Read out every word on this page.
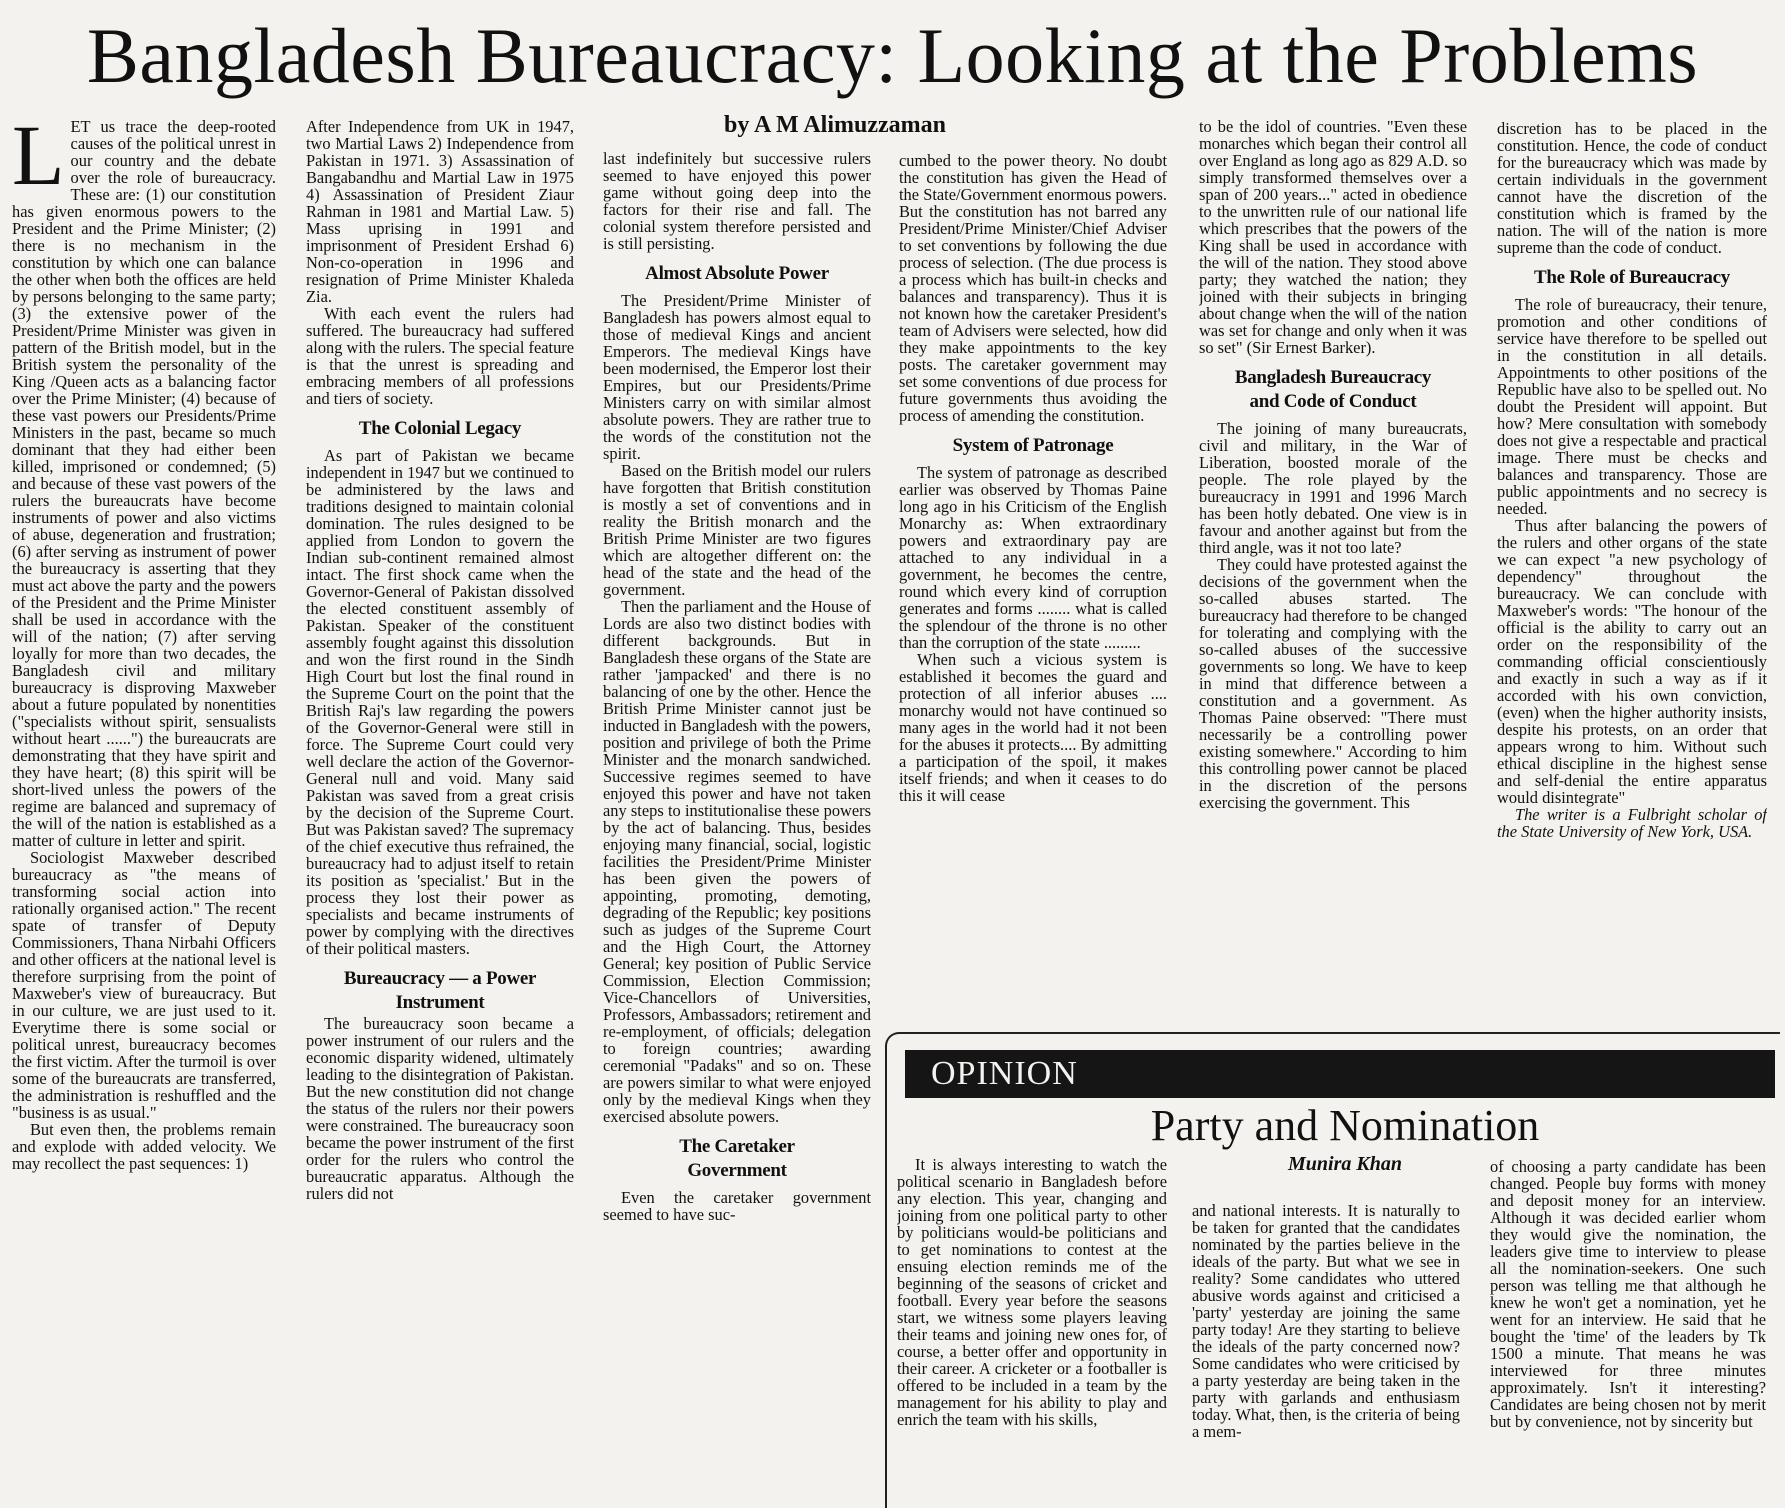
Bangladesh Bureaucracy: Looking at the Problems
by A M Alimuzzaman

LET us trace the deep-rooted causes of the political unrest in our country and the debate over the role of bureaucracy. These are: (1) our constitution has given enormous powers to the President and the Prime Minister; (2) there is no mechanism in the constitution by which one can balance the other when both the offices are held by persons belonging to the same party; (3) the extensive power of the President/Prime Minister was given in pattern of the British model, but in the British system the personality of the King /Queen acts as a balancing factor over the Prime Minister; (4) because of these vast powers our Presidents/Prime Ministers in the past, became so much dominant that they had either been killed, imprisoned or condemned; (5) and because of these vast powers of the rulers the bureaucrats have become instruments of power and also victims of abuse, degeneration and frustration; (6) after serving as instrument of power the bureaucracy is asserting that they must act above the party and the powers of the President and the Prime Minister shall be used in accordance with the will of the nation; (7) after serving loyally for more than two decades, the Bangladesh civil and military bureaucracy is disproving Maxweber about a future populated by nonentities ("specialists without spirit, sensualists without heart ......") the bureaucrats are demonstrating that they have spirit and they have heart; (8) this spirit will be short-lived unless the powers of the regime are balanced and supremacy of the will of the nation is established as a matter of culture in letter and spirit.

Sociologist Maxweber described bureaucracy as "the means of transforming social action into rationally organised action." The recent spate of transfer of Deputy Commissioners, Thana Nirbahi Officers and other officers at the national level is therefore surprising from the point of Maxweber's view of bureaucracy. But in our culture, we are just used to it. Everytime there is some social or political unrest, bureaucracy becomes the first victim. After the turmoil is over some of the bureaucrats are transferred, the administration is reshuffled and the "business is as usual."

But even then, the problems remain and explode with added velocity. We may recollect the past sequences: 1)

After Independence from UK in 1947, two Martial Laws 2) Independence from Pakistan in 1971. 3) Assassination of Bangabandhu and Martial Law in 1975 4) Assassination of President Ziaur Rahman in 1981 and Martial Law. 5) Mass uprising in 1991 and imprisonment of President Ershad 6) Non-co-operation in 1996 and resignation of Prime Minister Khaleda Zia.

With each event the rulers had suffered. The bureaucracy had suffered along with the rulers. The special feature is that the unrest is spreading and embracing members of all professions and tiers of society.

The Colonial Legacy

As part of Pakistan we became independent in 1947 but we continued to be administered by the laws and traditions designed to maintain colonial domination. The rules designed to be applied from London to govern the Indian sub-continent remained almost intact. The first shock came when the Governor-General of Pakistan dissolved the elected constituent assembly of Pakistan. Speaker of the constituent assembly fought against this dissolution and won the first round in the Sindh High Court but lost the final round in the Supreme Court on the point that the British Raj's law regarding the powers of the Governor-General were still in force. The Supreme Court could very well declare the action of the Governor-General null and void. Many said Pakistan was saved from a great crisis by the decision of the Supreme Court. But was Pakistan saved? The supremacy of the chief executive thus refrained, the bureaucracy had to adjust itself to retain its position as 'specialist.' But in the process they lost their power as specialists and became instruments of power by complying with the directives of their political masters.

Bureaucracy — a Power
Instrument

The bureaucracy soon became a power instrument of our rulers and the economic disparity widened, ultimately leading to the disintegration of Pakistan. But the new constitution did not change the status of the rulers nor their powers were constrained. The bureaucracy soon became the power instrument of the first order for the rulers who control the bureaucratic apparatus. Although the rulers did not

last indefinitely but successive rulers seemed to have enjoyed this power game without going deep into the factors for their rise and fall. The colonial system therefore persisted and is still persisting.

Almost Absolute Power

The President/Prime Minister of Bangladesh has powers almost equal to those of medieval Kings and ancient Emperors. The medieval Kings have been modernised, the Emperor lost their Empires, but our Presidents/Prime Ministers carry on with similar almost absolute powers. They are rather true to the words of the constitution not the spirit.

Based on the British model our rulers have forgotten that British constitution is mostly a set of conventions and in reality the British monarch and the British Prime Minister are two figures which are altogether different on: the head of the state and the head of the government.

Then the parliament and the House of Lords are also two distinct bodies with different backgrounds. But in Bangladesh these organs of the State are rather 'jampacked' and there is no balancing of one by the other. Hence the British Prime Minister cannot just be inducted in Bangladesh with the powers, position and privilege of both the Prime Minister and the monarch sandwiched. Successive regimes seemed to have enjoyed this power and have not taken any steps to institutionalise these powers by the act of balancing. Thus, besides enjoying many financial, social, logistic facilities the President/Prime Minister has been given the powers of appointing, promoting, demoting, degrading of the Republic; key positions such as judges of the Supreme Court and the High Court, the Attorney General; key position of Public Service Commission, Election Commission; Vice-Chancellors of Universities, Professors, Ambassadors; retirement and re-employment, of officials; delegation to foreign countries; awarding ceremonial "Padaks" and so on. These are powers similar to what were enjoyed only by the medieval Kings when they exercised absolute powers.

The Caretaker
Government

Even the caretaker government seemed to have suc-

cumbed to the power theory. No doubt the constitution has given the Head of the State/Government enormous powers. But the constitution has not barred any President/Prime Minister/Chief Adviser to set conventions by following the due process of selection. (The due process is a process which has built-in checks and balances and transparency). Thus it is not known how the caretaker President's team of Advisers were selected, how did they make appointments to the key posts. The caretaker government may set some conventions of due process for future governments thus avoiding the process of amending the constitution.

System of Patronage

The system of patronage as described earlier was observed by Thomas Paine long ago in his Criticism of the English Monarchy as: When extraordinary powers and extraordinary pay are attached to any individual in a government, he becomes the centre, round which every kind of corruption generates and forms ........ what is called the splendour of the throne is no other than the corruption of the state .........

When such a vicious system is established it becomes the guard and protection of all inferior abuses .... monarchy would not have continued so many ages in the world had it not been for the abuses it protects.... By admitting a participation of the spoil, it makes itself friends; and when it ceases to do this it will cease

to be the idol of countries. "Even these monarches which began their control all over England as long ago as 829 A.D. so simply transformed themselves over a span of 200 years..." acted in obedience to the unwritten rule of our national life which prescribes that the powers of the King shall be used in accordance with the will of the nation. They stood above party; they watched the nation; they joined with their subjects in bringing about change when the will of the nation was set for change and only when it was so set" (Sir Ernest Barker).

Bangladesh Bureaucracy
and Code of Conduct

The joining of many bureaucrats, civil and military, in the War of Liberation, boosted morale of the people. The role played by the bureaucracy in 1991 and 1996 March has been hotly debated. One view is in favour and another against but from the third angle, was it not too late?

They could have protested against the decisions of the government when the so-called abuses started. The bureaucracy had therefore to be changed for tolerating and complying with the so-called abuses of the successive governments so long. We have to keep in mind that difference between a constitution and a government. As Thomas Paine observed: "There must necessarily be a controlling power existing somewhere." According to him this controlling power cannot be placed in the discretion of the persons exercising the government. This

discretion has to be placed in the constitution. Hence, the code of conduct for the bureaucracy which was made by certain individuals in the government cannot have the discretion of the constitution which is framed by the nation. The will of the nation is more supreme than the code of conduct.

The Role of Bureaucracy

The role of bureaucracy, their tenure, promotion and other conditions of service have therefore to be spelled out in the constitution in all details. Appointments to other positions of the Republic have also to be spelled out. No doubt the President will appoint. But how? Mere consultation with somebody does not give a respectable and practical image. There must be checks and balances and transparency. Those are public appointments and no secrecy is needed.

Thus after balancing the powers of the rulers and other organs of the state we can expect "a new psychology of dependency" throughout the bureaucracy. We can conclude with Maxweber's words: "The honour of the official is the ability to carry out an order on the responsibility of the commanding official conscientiously and exactly in such a way as if it accorded with his own conviction, (even) when the higher authority insists, despite his protests, on an order that appears wrong to him. Without such ethical discipline in the highest sense and self-denial the entire apparatus would disintegrate"

The writer is a Fulbright scholar of the State University of New York, USA.

OPINION
Party and Nomination
Munira Khan

It is always interesting to watch the political scenario in Bangladesh before any election. This year, changing and joining from one political party to other by politicians would-be politicians and to get nominations to contest at the ensuing election reminds me of the beginning of the seasons of cricket and football. Every year before the seasons start, we witness some players leaving their teams and joining new ones for, of course, a better offer and opportunity in their career. A cricketer or a footballer is offered to be included in a team by the management for his ability to play and enrich the team with his skills,

and national interests. It is naturally to be taken for granted that the candidates nominated by the parties believe in the ideals of the party. But what we see in reality? Some candidates who uttered abusive words against and criticised a 'party' yesterday are joining the same party today! Are they starting to believe the ideals of the party concerned now? Some candidates who were criticised by a party yesterday are being taken in the party with garlands and enthusiasm today. What, then, is the criteria of being a mem-

of choosing a party candidate has been changed. People buy forms with money and deposit money for an interview. Although it was decided earlier whom they would give the nomination, the leaders give time to interview to please all the nomination-seekers. One such person was telling me that although he knew he won't get a nomination, yet he went for an interview. He said that he bought the 'time' of the leaders by Tk 1500 a minute. That means he was interviewed for three minutes approximately. Isn't it interesting? Candidates are being chosen not by merit but by convenience, not by sincerity but
